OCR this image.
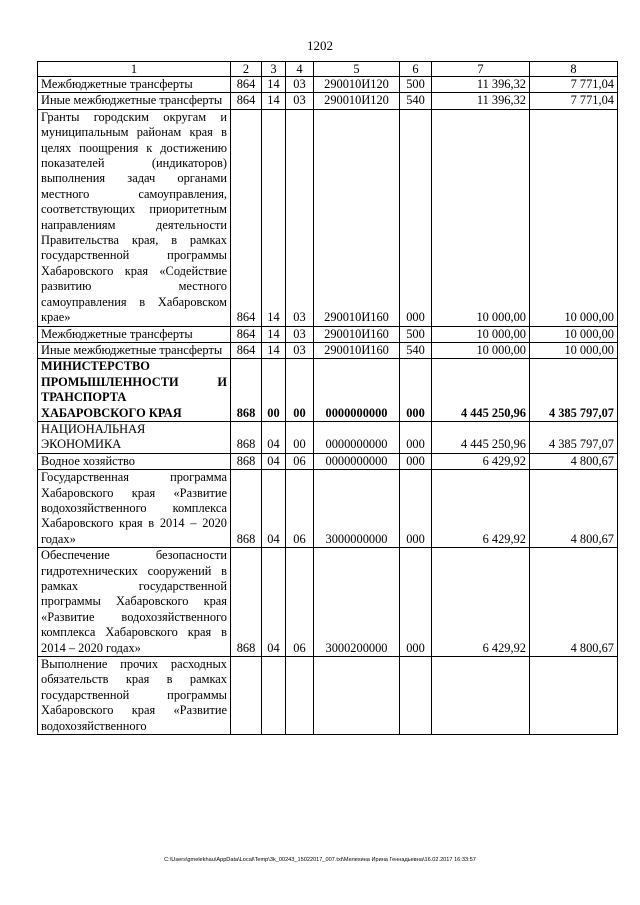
1202
1	2	3	4	5	6	7	8
Межбюджетные трансферты	864	14	03	290010И120	500	11 396,32	7 771,04
Иные межбюджетные трансферты	864	14	03	290010И120	540	11 396,32	7 771,04
Гранты городским округам и муниципальным районам края в целях поощрения к достижению показателей (индикаторов) выполнения задач органами местного самоуправления, соответствующих приоритетным направлениям деятельности Правительства края, в рамках государственной программы Хабаровского края «Содействие развитию местного самоуправления в Хабаровском крае»	864	14	03	290010И160	000	10 000,00	10 000,00
Межбюджетные трансферты	864	14	03	290010И160	500	10 000,00	10 000,00
Иные межбюджетные трансферты	864	14	03	290010И160	540	10 000,00	10 000,00
МИНИСТЕРСТВО ПРОМЫШЛЕННОСТИ И ТРАНСПОРТА ХАБАРОВСКОГО КРАЯ	868	00	00	0000000000	000	4 445 250,96	4 385 797,07
НАЦИОНАЛЬНАЯ ЭКОНОМИКА	868	04	00	0000000000	000	4 445 250,96	4 385 797,07
Водное хозяйство	868	04	06	0000000000	000	6 429,92	4 800,67
Государственная программа Хабаровского края «Развитие водохозяйственного комплекса Хабаровского края в 2014 – 2020 годах»	868	04	06	3000000000	000	6 429,92	4 800,67
Обеспечение безопасности гидротехнических сооружений в рамках государственной программы Хабаровского края «Развитие водохозяйственного комплекса Хабаровского края в 2014 – 2020 годах»	868	04	06	3000200000	000	6 429,92	4 800,67
Выполнение прочих расходных обязательств края в рамках государственной программы Хабаровского края «Развитие водохозяйственного							
C:\Users\gmelekhau\AppData\Local\Temp\3k_00243_15022017_007.txt\Мелехина Ирина Геннадьевна\16.02.2017 16:33:57
